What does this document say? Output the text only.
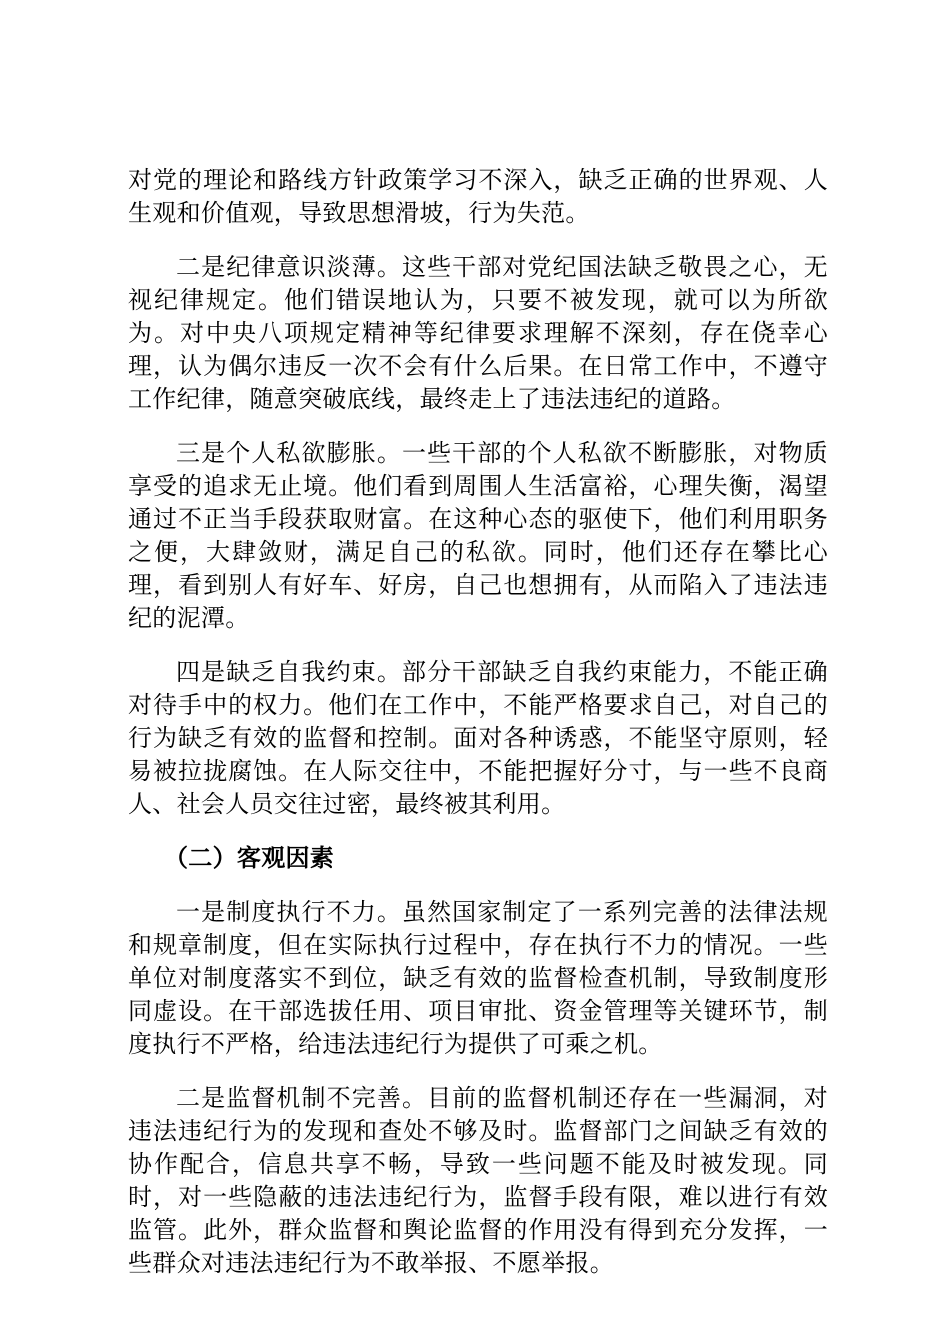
对党的理论和路线方针政策学习不深入，缺乏正确的世界观、人生观和价值观，导致思想滑坡，行为失范。

二是纪律意识淡薄。这些干部对党纪国法缺乏敬畏之心，无视纪律规定。他们错误地认为，只要不被发现，就可以为所欲为。对中央八项规定精神等纪律要求理解不深刻，存在侥幸心理，认为偶尔违反一次不会有什么后果。在日常工作中，不遵守工作纪律，随意突破底线，最终走上了违法违纪的道路。

三是个人私欲膨胀。一些干部的个人私欲不断膨胀，对物质享受的追求无止境。他们看到周围人生活富裕，心理失衡，渴望通过不正当手段获取财富。在这种心态的驱使下，他们利用职务之便，大肆敛财，满足自己的私欲。同时，他们还存在攀比心理，看到别人有好车、好房，自己也想拥有，从而陷入了违法违纪的泥潭。

四是缺乏自我约束。部分干部缺乏自我约束能力，不能正确对待手中的权力。他们在工作中，不能严格要求自己，对自己的行为缺乏有效的监督和控制。面对各种诱惑，不能坚守原则，轻易被拉拢腐蚀。在人际交往中，不能把握好分寸，与一些不良商人、社会人员交往过密，最终被其利用。

（二）客观因素

一是制度执行不力。虽然国家制定了一系列完善的法律法规和规章制度，但在实际执行过程中，存在执行不力的情况。一些单位对制度落实不到位，缺乏有效的监督检查机制，导致制度形同虚设。在干部选拔任用、项目审批、资金管理等关键环节，制度执行不严格，给违法违纪行为提供了可乘之机。

二是监督机制不完善。目前的监督机制还存在一些漏洞，对违法违纪行为的发现和查处不够及时。监督部门之间缺乏有效的协作配合，信息共享不畅，导致一些问题不能及时被发现。同时，对一些隐蔽的违法违纪行为，监督手段有限，难以进行有效监管。此外，群众监督和舆论监督的作用没有得到充分发挥，一些群众对违法违纪行为不敢举报、不愿举报。
